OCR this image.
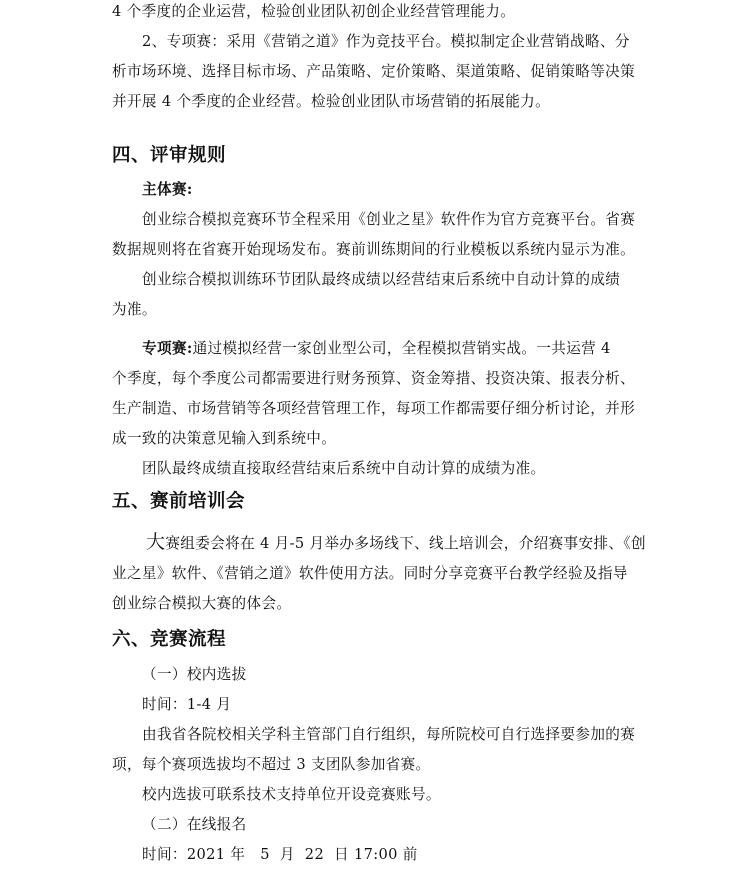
4 个季度的企业运营，检验创业团队初创企业经营管理能力。
2、专项赛：采用《营销之道》作为竞技平台。模拟制定企业营销战略、分
析市场环境、选择目标市场、产品策略、定价策略、渠道策略、促销策略等决策
并开展 4 个季度的企业经营。检验创业团队市场营销的拓展能力。
四、评审规则
主体赛:
创业综合模拟竞赛环节全程采用《创业之星》软件作为官方竞赛平台。省赛
数据规则将在省赛开始现场发布。赛前训练期间的行业模板以系统内显示为准。
创业综合模拟训练环节团队最终成绩以经营结束后系统中自动计算的成绩
为准。
专项赛:通过模拟经营一家创业型公司，全程模拟营销实战。一共运营 4
个季度，每个季度公司都需要进行财务预算、资金筹措、投资决策、报表分析、
生产制造、市场营销等各项经营管理工作，每项工作都需要仔细分析讨论，并形
成一致的决策意见输入到系统中。
团队最终成绩直接取经营结束后系统中自动计算的成绩为准。
五、赛前培训会
大赛组委会将在 4 月-5 月举办多场线下、线上培训会，介绍赛事安排、《创
业之星》软件、《营销之道》软件使用方法。同时分享竞赛平台教学经验及指导
创业综合模拟大赛的体会。
六、竞赛流程
（一）校内选拔
时间：1-4 月
由我省各院校相关学科主管部门自行组织，每所院校可自行选择要参加的赛
项，每个赛项选拔均不超过 3 支团队参加省赛。
校内选拔可联系技术支持单位开设竞赛账号。
（二）在线报名
时间：2021 年   5  月  22  日 17:00 前
